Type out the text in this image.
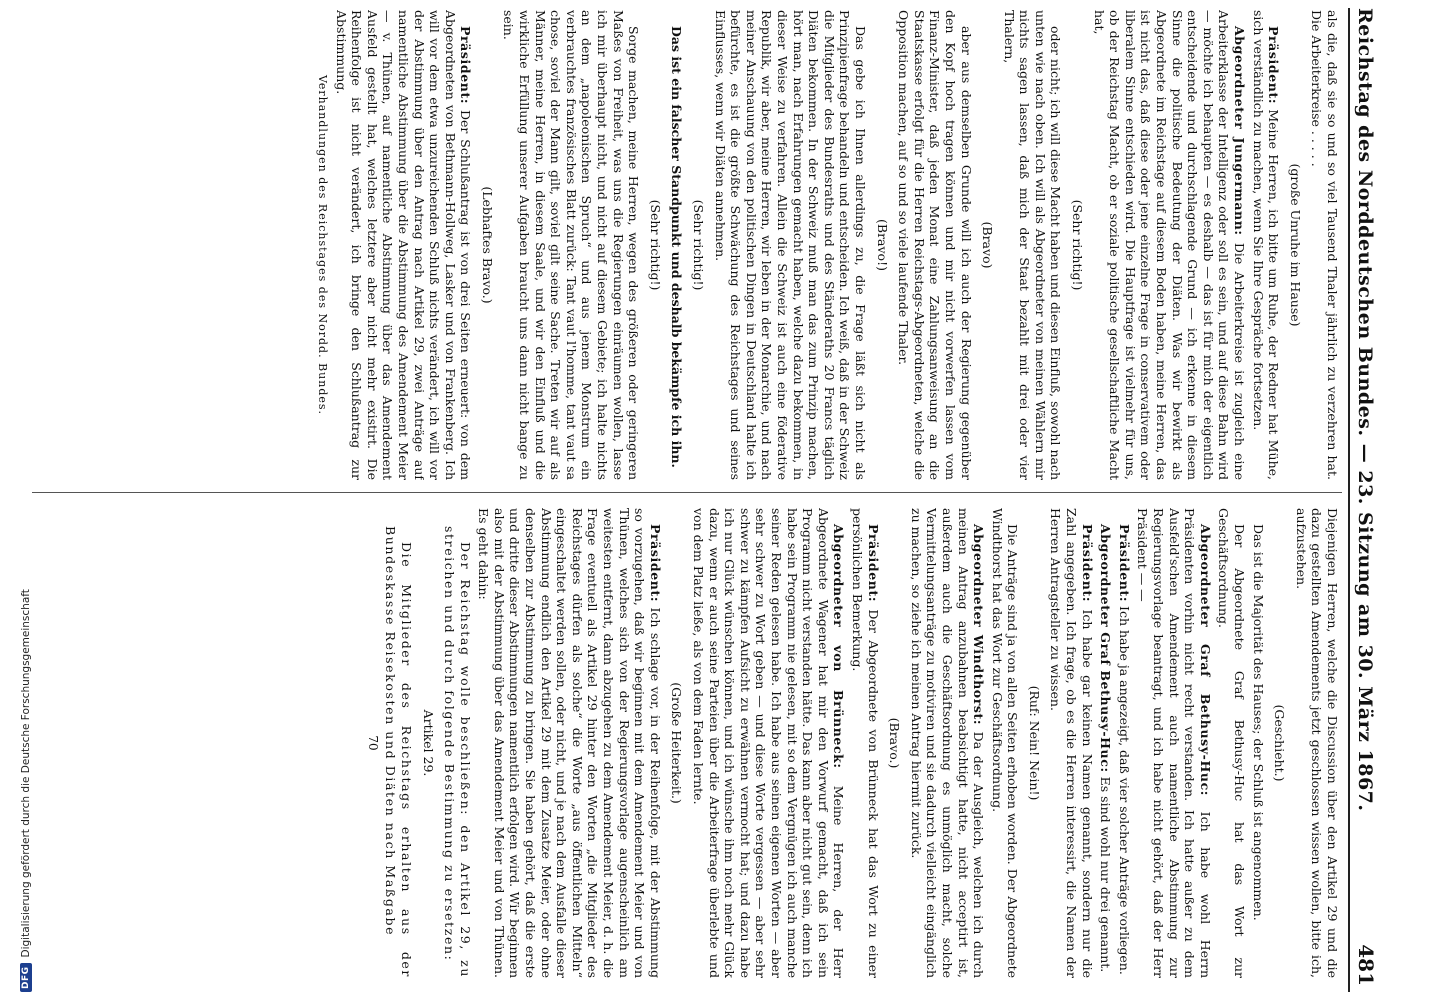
DFG
Digitalisierung gefördert durch die Deutsche Forschungsgemeinschaft	Reichstag des Norddeutschen Bundes. — 23. Sitzung am 30. März 1867.
481

als die, daß sie so und so viel Tausend Thaler jährlich zu verzehren hat. Die Arbeiterkreise . . . . .

(große Unruhe im Hause)

Präsident: Meine Herren, ich bitte um Ruhe, der Redner hat Mühe, sich verständlich zu machen, wenn Sie Ihre Gespräche fortsetzen.

Abgeordneter Jungermann: Die Arbeiterkreise ist zugleich eine Arbeiterklasse der Intelligenz oder soll es sein, und auf diese Bahn wird — möchte ich behaupten — es deshalb — das ist für mich der eigentlich entscheidende und durchschlagende Grund — ich erkenne in diesem Sinne die politische Bedeutung der Diäten. Was wir bewirkt als Abgeordnete im Reichstage auf diesem Boden haben, meine Herren, das ist nicht das, daß diese oder jene einzelne Frage in conservativem oder liberalem Sinne entschieden wird. Die Hauptfrage ist vielmehr für uns, ob der Reichstag Macht, ob er soziale politische gesellschaftliche Macht hat,

(Sehr richtig!)

oder nicht; ich will diese Macht haben und diesen Einfluß, sowohl nach unten wie nach oben. Ich will als Abgeordneter von meinen Wählern mir nichts sagen lassen, daß mich der Staat bezahlt mit drei oder vier Thalern,

(Bravo)

aber aus demselben Grunde will ich auch der Regierung gegenüber den Kopf hoch tragen können und mir nicht vorwerfen lassen vom Finanz-Minister, daß jeden Monat eine Zahlungsanweisung an die Staatskasse erfolgt für die Herren Reichstags-Abgeordneten, welche die Opposition machen, auf so und so viele laufende Thaler.

(Bravo!)

Das gebe ich Ihnen allerdings zu, die Frage läßt sich nicht als Prinzipienfrage behandeln und entscheiden. Ich weiß, daß in der Schweiz die Mitglieder des Bundesraths und des Ständeraths 20 Francs täglich Diäten bekommen. In der Schweiz muß man das zum Prinzip machen, hört man, nach Erfahrungen gemacht haben, welche dazu bekommen, in dieser Weise zu verfahren. Allein die Schweiz ist auch eine föderative Republik, wir aber, meine Herren, wir leben in der Monarchie, und nach meiner Anschauung von den politischen Dingen in Deutschland halte ich befürchte, es ist die größte Schwächung des Reichstages und seines Einflusses, wenn wir Diäten annehmen.

(Sehr richtig!)

Das ist ein falscher Standpunkt und deshalb bekämpfe ich ihn.

(Sehr richtig!)

Sorge machen, meine Herren, wegen des größeren oder geringeren Maßes von Freiheit, was uns die Regierungen einräumen wollen, lasse ich mir überhaupt nicht, und nicht auf diesem Gebiete; ich halte nichts an dem „napoleonischen Spruch“ und aus jenem Monstrum ein verbrauchtes französisches Blatt zurück: Tant vaut l'homme, tant vaut sa chose, soviel der Mann gilt, soviel gilt seine Sache. Treten wir auf als Männer, meine Herren, in diesem Saale, und wir den Einfluß und die wirkliche Erfüllung unserer Aufgaben braucht uns dann nicht bange zu sein.

(Lebhaftes Bravo.)

Präsident: Der Schlußantrag ist von drei Seiten erneuert: von dem Abgeordneten von Bethmann-Hollweg, Lasker und von Frankenberg. Ich will vor dem etwa unzureichenden Schluß nichts verändert, ich will vor der Abstimmung über den Antrag nach Artikel 29, zwei Anträge auf namentliche Abstimmung über die Abstimmung des Amendement Meier — v. Thünen, auf namentliche Abstimmung über das Amendement Ausfeld gestellt hat, welches letztere aber nicht mehr existirt. Die Reihenfolge ist nicht verändert, ich bringe den Schlußantrag zur Abstimmung.

Verhandlungen des Reichstages des Nordd. Bundes.

Diejenigen Herren, welche die Discussion über den Artikel 29 und die dazu gestellten Amendements jetzt geschlossen wissen wollen, bitte ich, aufzustehen.

(Geschieht.)

Das ist die Majorität des Hauses; der Schluß ist angenommen.

Der Abgeordnete Graf Bethusy-Huc hat das Wort zur Geschäftsordnung.

Abgeordneter Graf Bethusy-Huc: Ich habe wohl Herrn Präsidenten vorhin nicht recht verstanden. Ich hatte außer zu dem Ausfeld'schen Amendement auch namentliche Abstimmung zur Regierungsvorlage beantragt, und ich habe nicht gehört, daß der Herr Präsident — —

Präsident: Ich habe ja angezeigt, daß vier solcher Anträge vorliegen.

Abgeordneter Graf Bethusy-Huc: Es sind wohl nur drei genannt.

Präsident: Ich habe gar keinen Namen genannt, sondern nur die Zahl angegeben. Ich frage, ob es die Herren interessirt, die Namen der Herren Antragsteller zu wissen.

(Ruf: Nein! Nein!)

Die Anträge sind ja von allen Seiten erhoben worden. Der Abgeordnete Windthorst hat das Wort zur Geschäftsordnung.

Abgeordneter Windthorst: Da der Ausgleich, welchen ich durch meinen Antrag anzubahnen beabsichtigt hatte, nicht acceptirt ist, außerdem auch die Geschäftsordnung es unmöglich macht, solche Vermittelungsanträge zu motiviren und sie dadurch vielleicht eingänglich zu machen, so ziehe ich meinen Antrag hiermit zurück.

(Bravo.)

Präsident: Der Abgeordnete von Brünneck hat das Wort zu einer persönlichen Bemerkung.

Abgeordneter von Brünneck: Meine Herren, der Herr Abgeordnete Wagener hat mir den Vorwurf gemacht, daß ich sein Programm nicht verstanden hätte. Das kann aber nicht gut sein, denn ich habe sein Programm nie gelesen, mit so dem Vergnügen ich auch manche seiner Reden gelesen habe. Ich habe aus seinen eigenen Worten — aber sehr schwer zu Wort geben — und diese Worte vergessen — aber sehr schwer zu kämpfen Aufsicht zu erwähnen vermocht hat; und dazu habe ich nur Glück wünschen können, und ich wünsche ihm noch mehr Glück dazu, wenn er auch seine Parteien über die Arbeiterfrage überlebte und von dem Platz ließe, als von dem Faden lernte.

(Große Heiterkeit.)

Präsident: Ich schlage vor, in der Reihenfolge, mit der Abstimmung so vorzugehen, daß wir beginnen mit dem Amendement Meier und von Thünen, welches sich von der Regierungsvorlage augenscheinlich am weitesten entfernt, dann abzugehen zu dem Amendement Meier, d. h. die Frage eventuell als Artikel 29 hinter den Worten „die Mitglieder des Reichstages dürfen als solche“ die Worte „aus öffentlichen Mitteln“ eingeschaltet werden sollen, oder nicht, und je nach dem Ausfalle dieser Abstimmung endlich den Artikel 29 mit dem Zusatze Meier, oder ohne denselben zur Abstimmung zu bringen. Sie haben gehört, daß die erste und dritte dieser Abstimmungen namentlich erfolgen wird. Wir beginnen also mit der Abstimmung über das Amendement Meier und von Thünen. Es geht dahin:

Der Reichstag wolle beschließen: den Artikel 29, zu streichen und durch folgende Bestimmung zu ersetzen:

Artikel 29.

Die Mitglieder des Reichstags erhalten aus der Bundeskasse Reisekosten und Diäten nach Maßgabe

70
